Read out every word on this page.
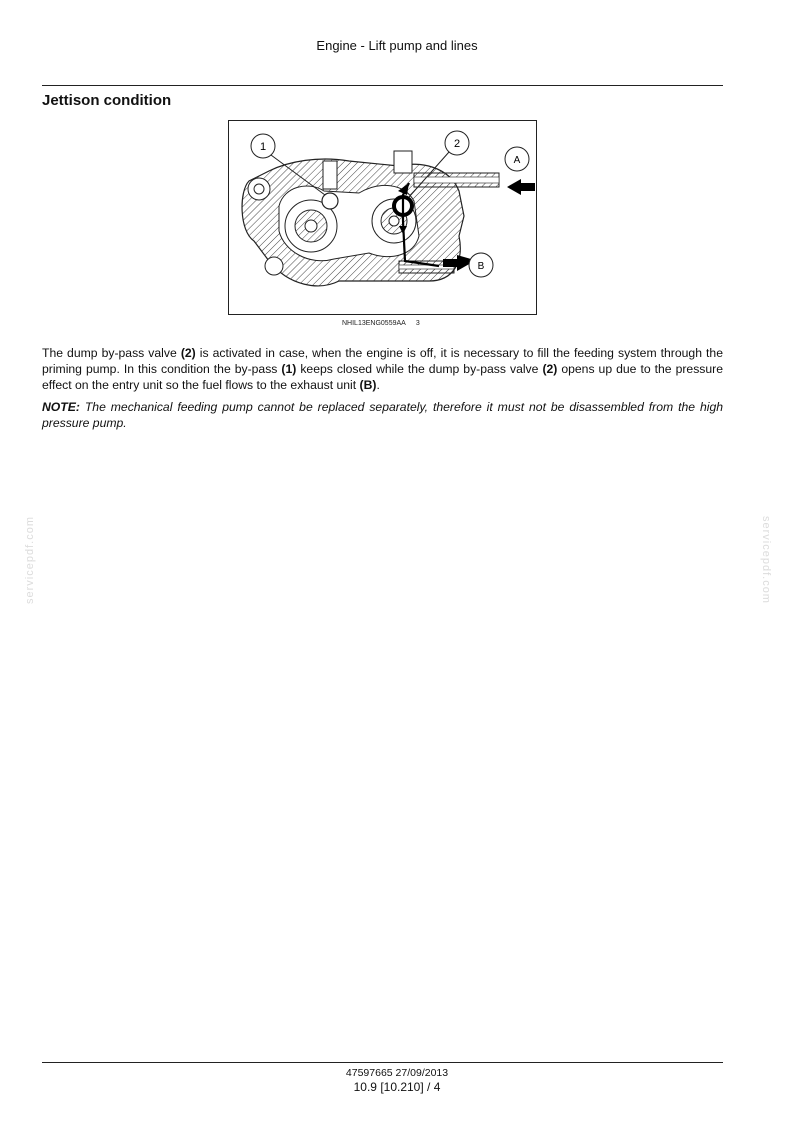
Engine - Lift pump and lines
Jettison condition
1	2
A
B
NHIL13ENG0559AA 3
The dump by-pass valve (2) is activated in case, when the engine is off, it is necessary to fill the feeding system through the priming pump. In this condition the by-pass (1) keeps closed while the dump by-pass valve (2) opens up due to the pressure effect on the entry unit so the fuel flows to the exhaust unit (B).
NOTE: The mechanical feeding pump cannot be replaced separately, therefore it must not be disassembled from the high pressure pump.
servicepdf.com	servicepdf.com
47597665 27/09/2013
10.9 [10.210] / 4
